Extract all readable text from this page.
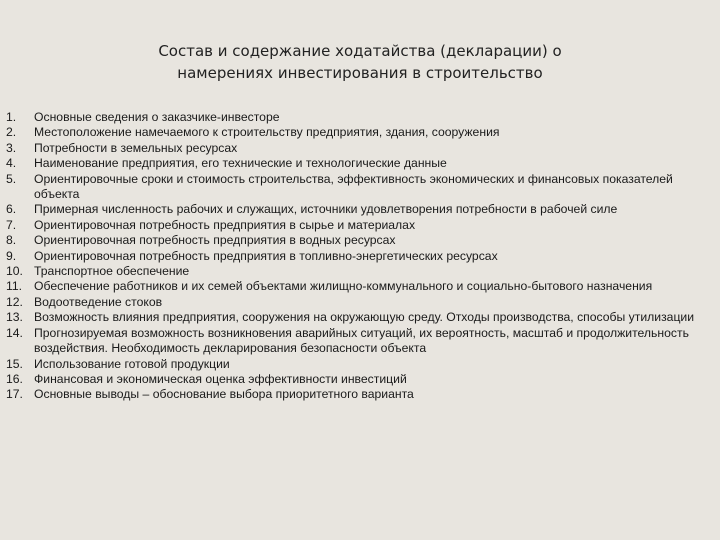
Состав и содержание ходатайства (декларации) о
намерениях инвестирования в строительство
1.	Основные сведения о заказчике-инвесторе
2.	Местоположение намечаемого к строительству предприятия, здания, сооружения
3.	Потребности в земельных ресурсах
4.	Наименование предприятия, его технические и технологические данные
5.	Ориентировочные сроки и стоимость строительства, эффективность экономических и финансовых показателей объекта
6.	Примерная численность рабочих и служащих, источники удовлетворения потребности в рабочей силе
7.	Ориентировочная потребность предприятия в сырье и материалах
8.	Ориентировочная потребность предприятия в водных ресурсах
9.	Ориентировочная потребность предприятия в топливно-энергетических ресурсах
10. Транспортное обеспечение
11. Обеспечение работников и их семей объектами жилищно-коммунального и социально-бытового назначения
12. Водоотведение стоков
13. Возможность влияния предприятия, сооружения на окружающую среду. Отходы производства, способы утилизации
14. Прогнозируемая возможность возникновения аварийных ситуаций, их вероятность, масштаб и продолжительность воздействия. Необходимость декларирования безопасности объекта
15. Использование готовой продукции
16. Финансовая и экономическая оценка эффективности инвестиций
17. Основные выводы – обоснование выбора приоритетного варианта
